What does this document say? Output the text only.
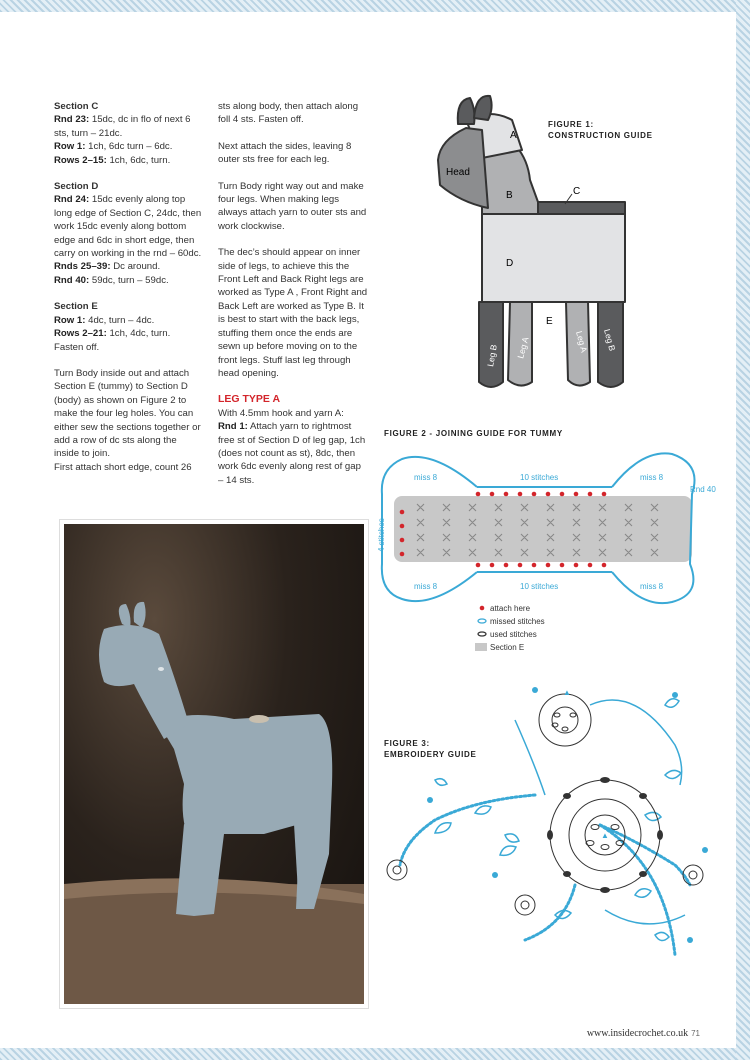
Section C
Rnd 23: 15dc, dc in flo of next 6 sts, turn – 21dc.
Row 1: 1ch, 6dc turn – 6dc.
Rows 2–15: 1ch, 6dc, turn.

Section D
Rnd 24: 15dc evenly along top long edge of Section C, 24dc, then work 15dc evenly along bottom edge and 6dc in short edge, then carry on working in the rnd – 60dc.
Rnds 25–39: Dc around.
Rnd 40: 59dc, turn – 59dc.

Section E
Row 1: 4dc, turn – 4dc.
Rows 2–21: 1ch, 4dc, turn. Fasten off.

Turn Body inside out and attach Section E (tummy) to Section D (body) as shown on Figure 2 to make the four leg holes. You can either sew the sections together or add a row of dc sts along the inside to join.
First attach short edge, count 26

sts along body, then attach along foll 4 sts. Fasten off.

Next attach the sides, leaving 8 outer sts free for each leg.

Turn Body right way out and make four legs. When making legs always attach yarn to outer sts and work clockwise.

The dec’s should appear on inner side of legs, to achieve this the Front Left and Back Right legs are worked as Type A , Front Right and Back Left are worked as Type B. It is best to start with the back legs, stuffing them once the ends are sewn up before moving on to the front legs. Stuff last leg through head opening.

LEG TYPE A
With 4.5mm hook and yarn A:
Rnd 1: Attach yarn to rightmost free st of Section D of leg gap, 1ch (does not count as st), 8dc, then work 6dc evenly along rest of gap – 14 sts.

FIGURE 1:
CONSTRUCTION GUIDE
A
Head
B	C
D
E
Leg B Leg A	Leg A Leg B
FIGURE 2 - JOINING GUIDE FOR TUMMY
miss 8	10 stitches	miss 8
Rnd 40
miss 8	10 stitches	miss 8
4 stitches
attach here
missed stitches
used stitches
Section E
FIGURE 3:
EMBROIDERY GUIDE
▲
▲
www.insidecrochet.co.uk 71
